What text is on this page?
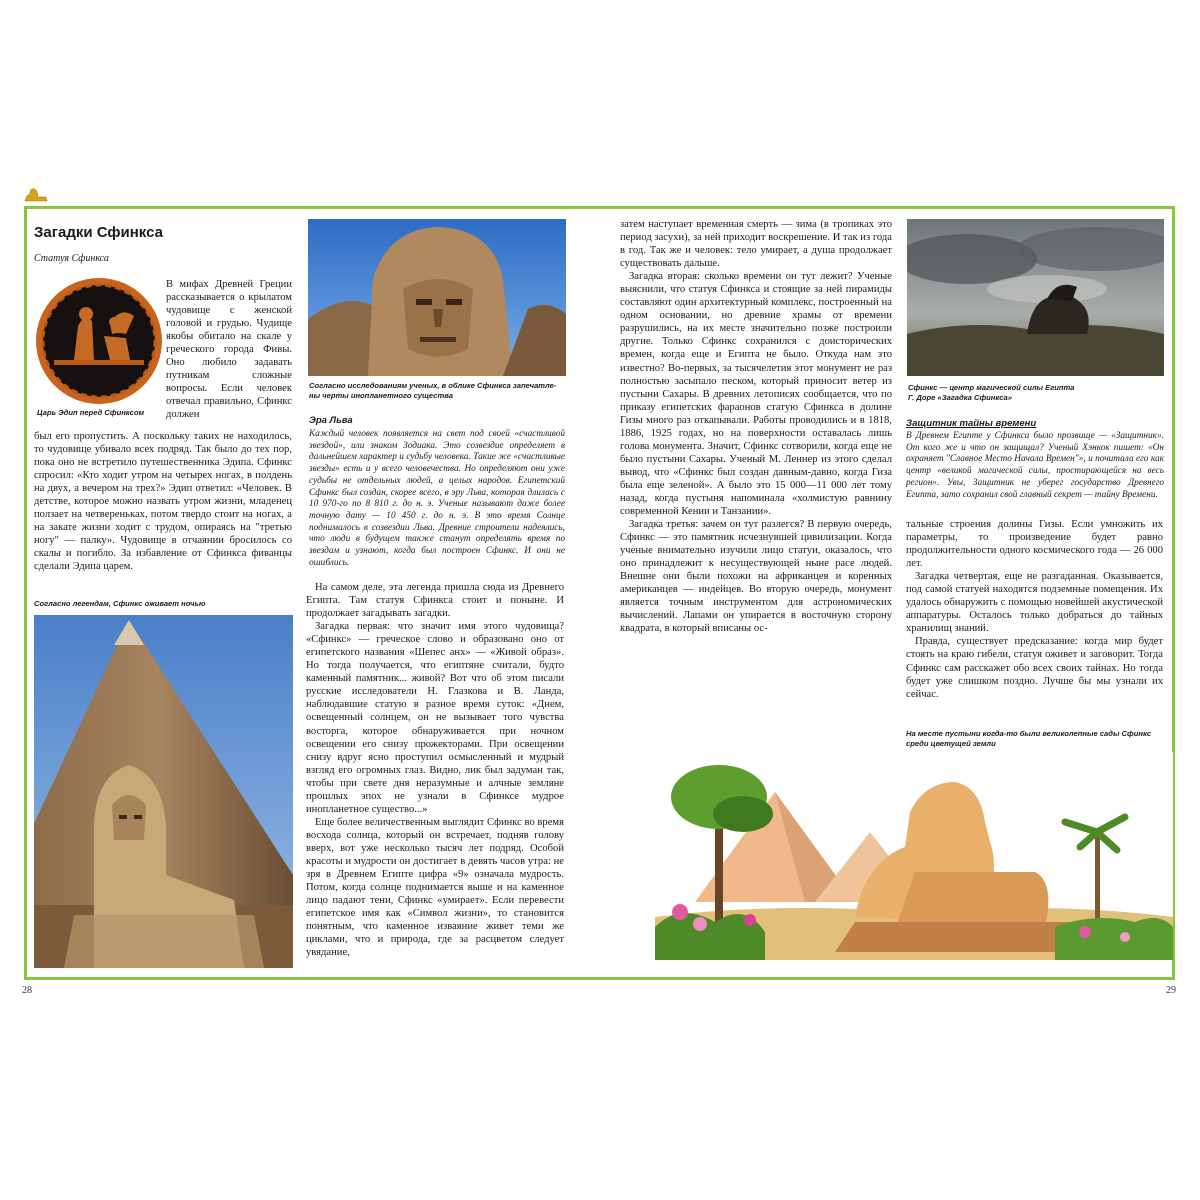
28	29
Загадки Сфинкса
Статуя Сфинкса
Царь Эдип перед Сфинксом
В мифах Древней Греции рассказывается о крылатом чудовище с женской головой и грудью. Чудище якобы обитало на скале у греческого города Фивы. Оно любило задавать путникам сложные вопросы. Если человек отвечал правильно, Сфинкс должен
был его пропустить. А поскольку таких не находилось, то чудовище убивало всех подряд. Так было до тех пор, пока оно не встретило путешественника Эдипа. Сфинкс спросил: «Кто ходит утром на четырех ногах, в полдень на двух, а вечером на трех?» Эдип ответил: «Человек. В детстве, которое можно назвать утром жизни, младенец ползает на четвереньках, потом твердо стоит на ногах, а на закате жизни ходит с трудом, опираясь на "третью ногу" — палку». Чудовище в отчаянии бросилось со скалы и погибло. За избавление от Сфинкса фиванцы сделали Эдипа царем.
Согласно легендам, Сфинкс оживает ночью
Согласно исследованиям ученых, в облике Сфинкса запечатле-ны черты инопланетного существа
Эра Льва
Каждый человек появляется на свет под своей «счастливой звездой», или знаком Зодиака. Это созвездие определяет в дальнейшем характер и судьбу человека. Такие же «счастливые звезды» есть и у всего человечества. Но определяют они уже судьбы не отдельных людей, а целых народов. Египетский Сфинкс был создан, скорее всего, в эру Льва, которая длилась с 10 970-го по 8 810 г. до н. э. Ученые называют даже более точную дату — 10 450 г. до н. э. В это время Солнце поднималось в созвездии Льва. Древние строители надеялись, что люди в будущем также станут определять время по звездам и узнают, когда был построен Сфинкс. И они не ошиблись.

На самом деле, эта легенда пришла сюда из Древнего Египта. Там статуя Сфинкса стоит и поныне. И продолжает загадывать загадки.

Загадка первая: что значит имя этого чудовища? «Сфинкс» — греческое слово и образовано оно от египетского названия «Шепес анх» — «Живой образ». Но тогда получается, что египтяне считали, будто каменный памятник... живой? Вот что об этом писали русские исследователи Н. Глазкова и В. Ланда, наблюдавшие статую в разное время суток: «Днем, освещенный солнцем, он не вызывает того чувства восторга, которое обнаруживается при ночном освещении его снизу прожекторами. При освещении снизу вдруг ясно проступил осмысленный и мудрый взгляд его огромных глаз. Видно, лик был задуман так, чтобы при свете дня неразумные и алчные земляне прошлых эпох не узнали в Сфинксе мудрое инопланетное существо...»

Еще более величественным выглядит Сфинкс во время восхода солнца, который он встречает, подняв голову вверх, вот уже несколько тысяч лет подряд. Особой красоты и мудрости он достигает в девять часов утра: не зря в Древнем Египте цифра «9» означала мудрость. Потом, когда солнце поднимается выше и на каменное лицо падают тени, Сфинкс «умирает». Если перевести египетское имя как «Символ жизни», то становится понятным, что каменное изваяние живет теми же циклами, что и природа, где за расцветом следует увядание,

затем наступает временная смерть — зима (в тропиках это период засухи), за ней приходит воскрешение. И так из года в год. Так же и человек: тело умирает, а душа продолжает существовать дальше.

Загадка вторая: сколько времени он тут лежит? Ученые выяснили, что статуя Сфинкса и стоящие за ней пирамиды составляют один архитектурный комплекс, построенный на одном основании, но древние храмы от времени разрушились, на их месте значительно позже построили другие. Только Сфинкс сохранился с доисторических времен, когда еще и Египта не было. Откуда нам это известно? Во-первых, за тысячелетия этот монумент не раз полностью засыпало песком, который приносит ветер из пустыни Сахары. В древних летописях сообщается, что по приказу египетских фараонов статую Сфинкса в долине Гизы много раз откапывали. Работы проводились и в 1818, 1886, 1925 годах, но на поверхности оставалась лишь голова монумента. Значит, Сфинкс сотворили, когда еще не было пустыни Сахары. Ученый М. Леннер из этого сделал вывод, что «Сфинкс был создан давным-давно, когда Гиза была еще зеленой». А было это 15 000—11 000 лет тому назад, когда пустыня напоминала «холмистую равнину современной Кении и Танзании».

Загадка третья: зачем он тут разлегся? В первую очередь, Сфинкс — это памятник исчезнувшей цивилизации. Когда ученые внимательно изучили лицо статуи, оказалось, что оно принадлежит к несуществующей ныне расе людей. Внешне они были похожи на африканцев и коренных американцев — индейцев. Во вторую очередь, монумент является точным инструментом для астрономических вычислений. Лапами он упирается в восточную сторону квадрата, в который вписаны ос-

Сфинкс — центр магической силы Египта
Г. Доре «Загадка Сфинкса»
Защитник тайны времени
В Древнем Египте у Сфинкса было прозвище — «Защитник». От кого же и что он защищал? Ученый Хэнкок пишет: «Он охраняет "Славное Место Начала Времен"», и почитала его как центр «великой магической силы, простирающейся на весь регион». Увы, Защитник не уберег государство Древнего Египта, зато сохранил свой главный секрет — тайну Времени.

тальные строения долины Гизы. Если умножить их параметры, то произведение будет равно продолжительности одного космического года — 26 000 лет.

Загадка четвертая, еще не разгаданная. Оказывается, под самой статуей находятся подземные помещения. Их удалось обнаружить с помощью новейшей акустической аппаратуры. Осталось только добраться до тайных хранилищ знаний.

Правда, существует предсказание: когда мир будет стоять на краю гибели, статуя оживет и заговорит. Тогда Сфинкс сам расскажет обо всех своих тайнах. Но тогда будет уже слишком поздно. Лучше бы мы узнали их сейчас.

На месте пустыни когда-то были великолепные сады Сфинкс среди цветущей земли
